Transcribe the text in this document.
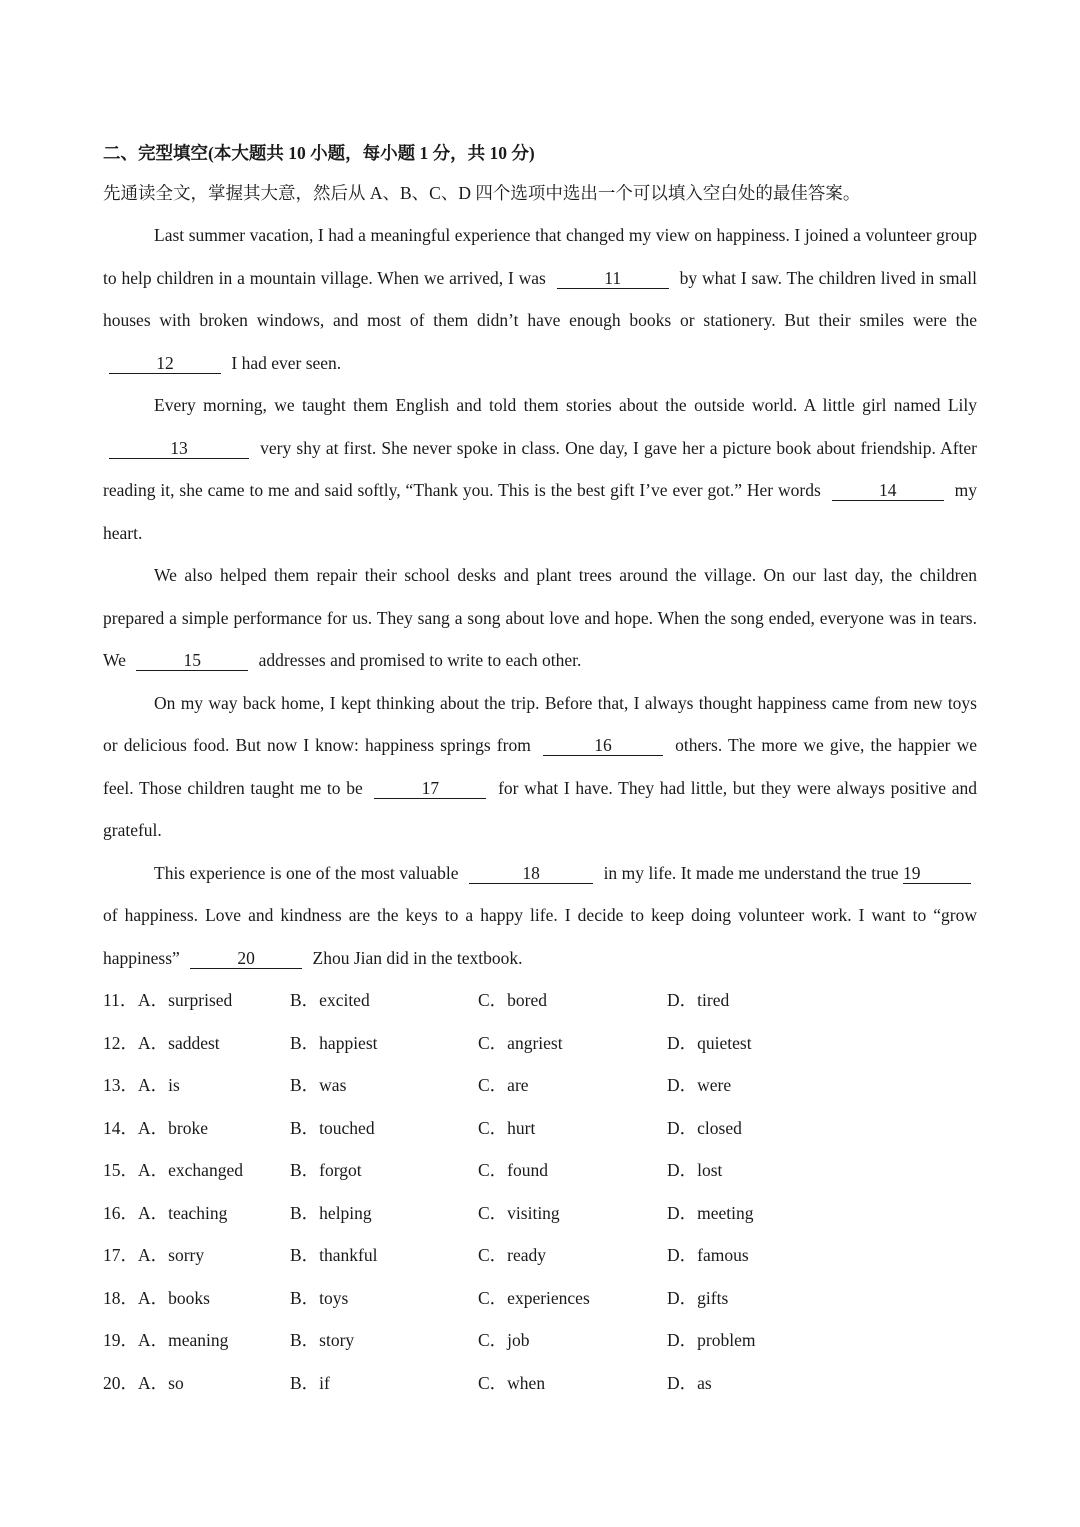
二、完型填空(本大题共 10 小题，每小题 1 分，共 10 分)
先通读全文，掌握其大意，然后从 A、B、C、D 四个选项中选出一个可以填入空白处的最佳答案。

Last summer vacation, I had a meaningful experience that changed my view on happiness. I joined a volunteer group to help children in a mountain village. When we arrived, I was	11	by what I saw. The children lived in small houses with broken windows, and most of them didn’t have enough books or stationery. But their smiles were the 12	I had ever seen.

Every morning, we taught them English and told them stories about the outside world. A little girl named Lily 13	very shy at first. She never spoke in class. One day, I gave her a picture book about friendship. After reading it, she came to me and said softly, “Thank you. This is the best gift I’ve ever got.” Her words	14	my heart.

We also helped them repair their school desks and plant trees around the village. On our last day, the children prepared a simple performance for us. They sang a song about love and hope. When the song ended, everyone was in tears. We	15	addresses and promised to write to each other.

On my way back home, I kept thinking about the trip. Before that, I always thought happiness came from new toys or delicious food. But now I know: happiness springs from	16	others. The more we give, the happier we feel. Those children taught me to be	17	for what I have. They had little, but they were always positive and grateful.

This experience is one of the most valuable	18	in my life. It made me understand the true 19 of happiness. Love and kindness are the keys to a happy life. I decide to keep doing volunteer work. I want to “grow happiness”	20	Zhou Jian did in the textbook.

11． A．surprised	B．excited	C．bored	D．tired
12． A．saddest	B．happiest	C．angriest	D．quietest
13． A．is	B．was	C．are	D．were
14． A．broke	B．touched	C．hurt	D．closed
15． A．exchanged	B．forgot	C．found	D．lost
16． A．teaching	B．helping	C．visiting	D．meeting
17． A．sorry	B．thankful	C．ready	D．famous
18． A．books	B．toys	C．experiences	D．gifts
19． A．meaning	B．story	C．job	D．problem
20． A．so	B．if	C．when	D．as
